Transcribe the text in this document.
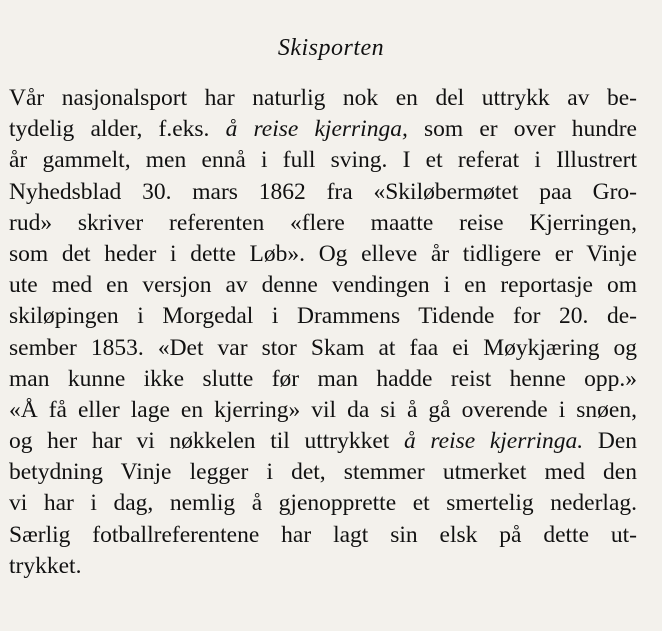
Skisporten
Vår nasjonalsport har naturlig nok en del uttrykk av be-
tydelig alder, f.eks. å reise kjerringa, som er over hundre
år gammelt, men ennå i full sving. I et referat i Illustrert
Nyhedsblad 30. mars 1862 fra «Skiløbermøtet paa Gro-
rud» skriver referenten «flere maatte reise Kjerringen,
som det heder i dette Løb». Og elleve år tidligere er Vinje
ute med en versjon av denne vendingen i en reportasje om
skiløpingen i Morgedal i Drammens Tidende for 20. de-
sember 1853. «Det var stor Skam at faa ei Møykjæring og
man kunne ikke slutte før man hadde reist henne opp.»
«Å få eller lage en kjerring» vil da si å gå overende i snøen,
og her har vi nøkkelen til uttrykket å reise kjerringa. Den
betydning Vinje legger i det, stemmer utmerket med den
vi har i dag, nemlig å gjenopprette et smertelig nederlag.
Særlig fotballreferentene har lagt sin elsk på dette ut-
trykket.
